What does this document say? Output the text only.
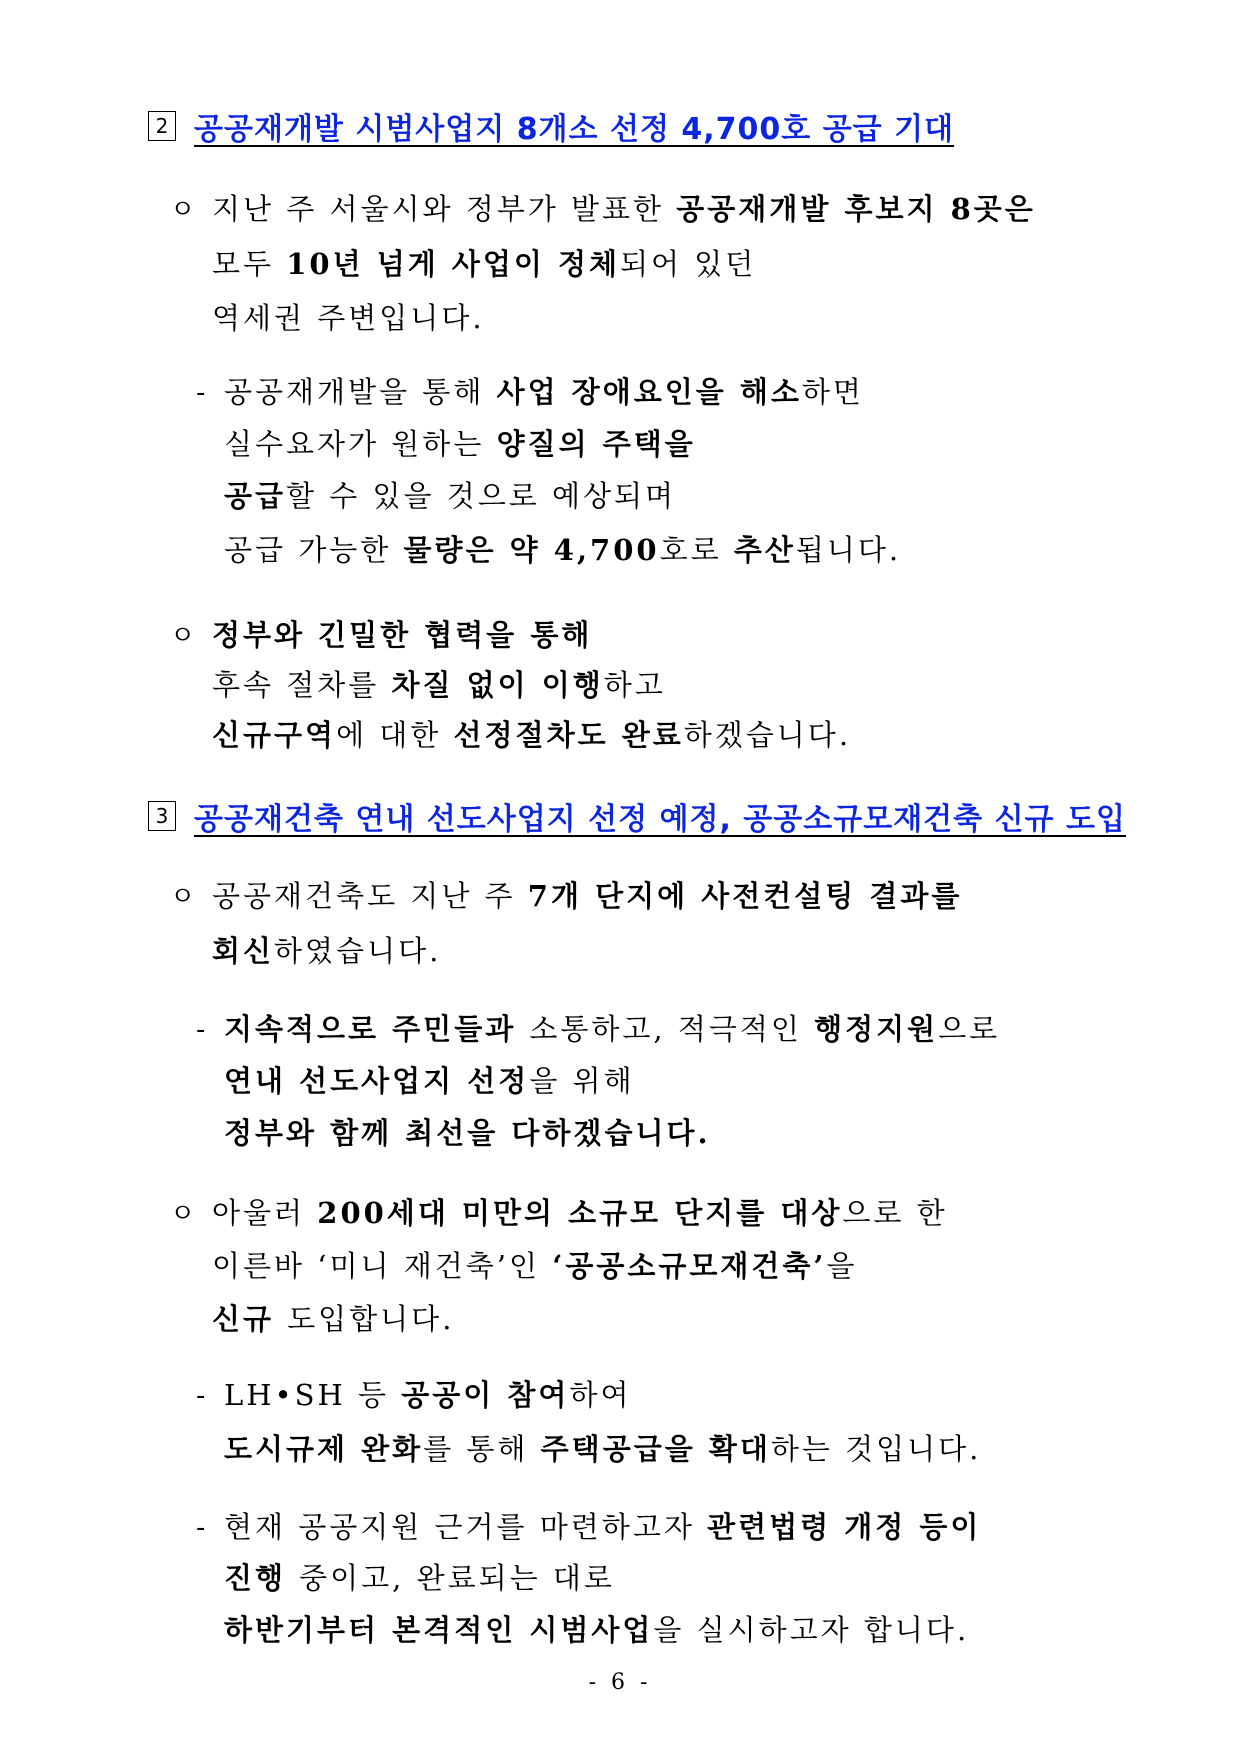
2 공공재개발 시범사업지 8개소 선정 4,700호 공급 기대
ㅇ 지난 주 서울시와 정부가 발표한 공공재개발 후보지 8곳은
모두 10년 넘게 사업이 정체되어 있던
역세권 주변입니다.
- 공공재개발을 통해 사업 장애요인을 해소하면
실수요자가 원하는 양질의 주택을
공급할 수 있을 것으로 예상되며
공급 가능한 물량은 약 4,700호로 추산됩니다.
ㅇ 정부와 긴밀한 협력을 통해
후속 절차를 차질 없이 이행하고
신규구역에 대한 선정절차도 완료하겠습니다.
3 공공재건축 연내 선도사업지 선정 예정, 공공소규모재건축 신규 도입
ㅇ 공공재건축도 지난 주 7개 단지에 사전컨설팅 결과를
회신하였습니다.
- 지속적으로 주민들과 소통하고, 적극적인 행정지원으로
연내 선도사업지 선정을 위해
정부와 함께 최선을 다하겠습니다.
ㅇ 아울러 200세대 미만의 소규모 단지를 대상으로 한
이른바 ‘미니 재건축’인 ‘공공소규모재건축’을
신규 도입합니다.
- LH•SH 등 공공이 참여하여
도시규제 완화를 통해 주택공급을 확대하는 것입니다.
- 현재 공공지원 근거를 마련하고자 관련법령 개정 등이
진행 중이고, 완료되는 대로
하반기부터 본격적인 시범사업을 실시하고자 합니다.
- 6 -
